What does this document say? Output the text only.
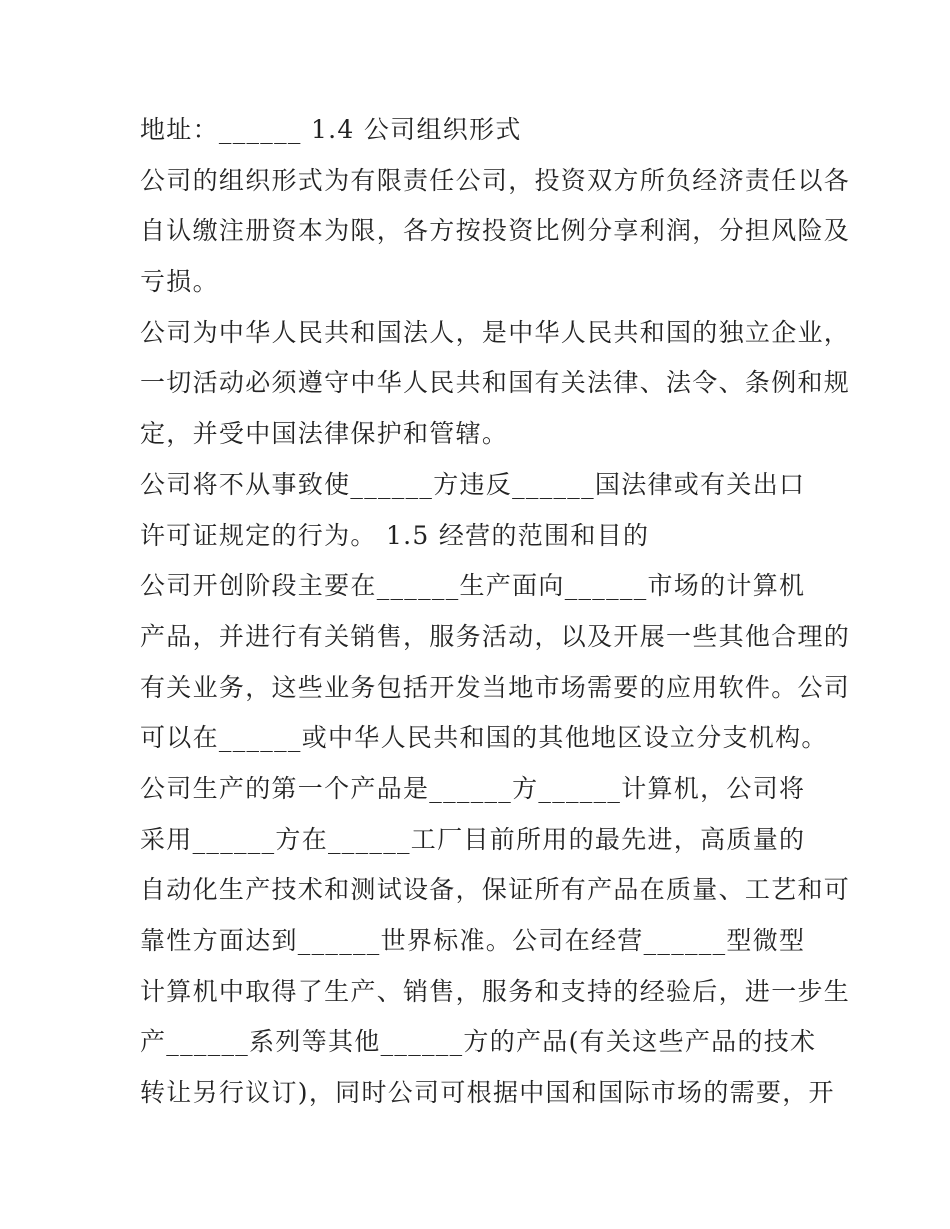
地址：______ 1.4 公司组织形式
公司的组织形式为有限责任公司，投资双方所负经济责任以各
自认缴注册资本为限，各方按投资比例分享利润，分担风险及
亏损。
公司为中华人民共和国法人，是中华人民共和国的独立企业，
一切活动必须遵守中华人民共和国有关法律、法令、条例和规
定，并受中国法律保护和管辖。
公司将不从事致使______方违反______国法律或有关出口
许可证规定的行为。 1.5 经营的范围和目的
公司开创阶段主要在______生产面向______市场的计算机
产品，并进行有关销售，服务活动，以及开展一些其他合理的
有关业务，这些业务包括开发当地市场需要的应用软件。公司
可以在______或中华人民共和国的其他地区设立分支机构。
公司生产的第一个产品是______方______计算机，公司将
采用______方在______工厂目前所用的最先进，高质量的
自动化生产技术和测试设备，保证所有产品在质量、工艺和可
靠性方面达到______世界标准。公司在经营______型微型
计算机中取得了生产、销售，服务和支持的经验后，进一步生
产______系列等其他______方的产品(有关这些产品的技术
转让另行议订)，同时公司可根据中国和国际市场的需要，开
